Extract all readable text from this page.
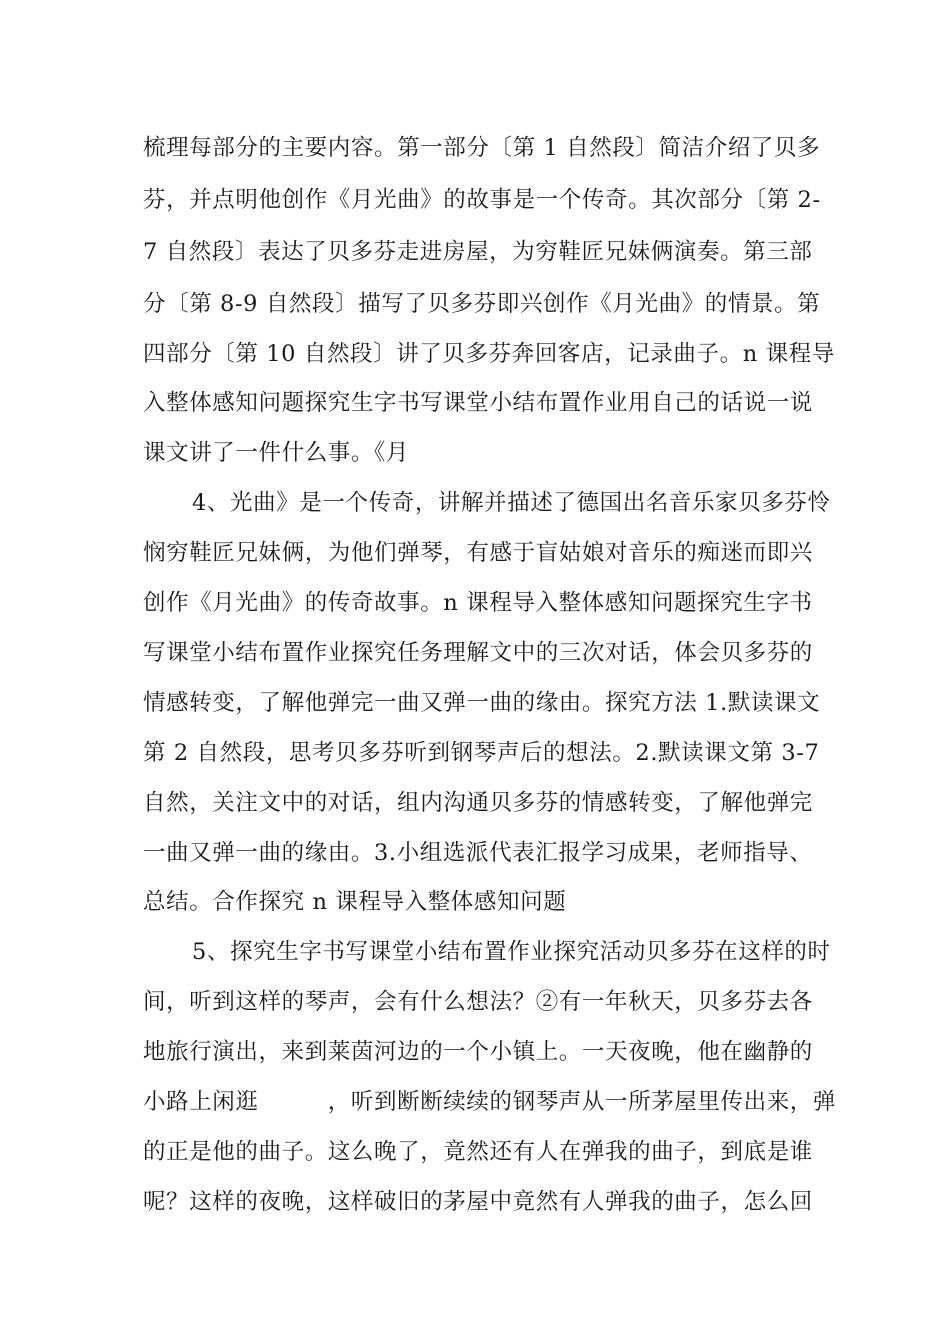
梳理每部分的主要内容。第一部分〔第 1 自然段〕简洁介绍了贝多
芬，并点明他创作《月光曲》的故事是一个传奇。其次部分〔第 2-
7 自然段〕表达了贝多芬走进房屋，为穷鞋匠兄妹俩演奏。第三部
分〔第 8-9 自然段〕描写了贝多芬即兴创作《月光曲》的情景。第
四部分〔第 10 自然段〕讲了贝多芬奔回客店，记录曲子。n 课程导
入整体感知问题探究生字书写课堂小结布置作业用自己的话说一说
课文讲了一件什么事。《月
4、光曲》是一个传奇，讲解并描述了德国出名音乐家贝多芬怜
悯穷鞋匠兄妹俩，为他们弹琴，有感于盲姑娘对音乐的痴迷而即兴
创作《月光曲》的传奇故事。n 课程导入整体感知问题探究生字书
写课堂小结布置作业探究任务理解文中的三次对话，体会贝多芬的
情感转变，了解他弹完一曲又弹一曲的缘由。探究方法 1.默读课文
第 2 自然段，思考贝多芬听到钢琴声后的想法。2.默读课文第 3-7
自然，关注文中的对话，组内沟通贝多芬的情感转变，了解他弹完
一曲又弹一曲的缘由。3.小组选派代表汇报学习成果，老师指导、
总结。合作探究 n 课程导入整体感知问题
5、探究生字书写课堂小结布置作业探究活动贝多芬在这样的时
间，听到这样的琴声，会有什么想法？②有一年秋天，贝多芬去各
地旅行演出，来到莱茵河边的一个小镇上。一天夜晚，他在幽静的
小路上闲逛　　　，听到断断续续的钢琴声从一所茅屋里传出来，弹
的正是他的曲子。这么晚了，竟然还有人在弹我的曲子，到底是谁
呢？这样的夜晚，这样破旧的茅屋中竟然有人弹我的曲子，怎么回
